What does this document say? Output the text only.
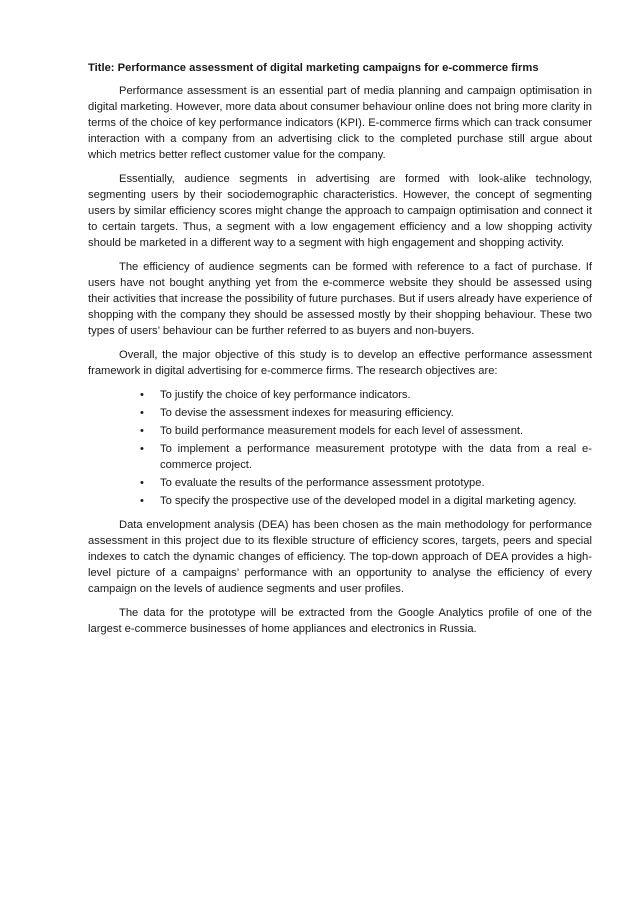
Title: Performance assessment of digital marketing campaigns for e-commerce firms

Performance assessment is an essential part of media planning and campaign optimisation in digital marketing. However, more data about consumer behaviour online does not bring more clarity in terms of the choice of key performance indicators (KPI). E-commerce firms which can track consumer interaction with a company from an advertising click to the completed purchase still argue about which metrics better reflect customer value for the company.

Essentially, audience segments in advertising are formed with look-alike technology, segmenting users by their sociodemographic characteristics. However, the concept of segmenting users by similar efficiency scores might change the approach to campaign optimisation and connect it to certain targets. Thus, a segment with a low engagement efficiency and a low shopping activity should be marketed in a different way to a segment with high engagement and shopping activity.

The efficiency of audience segments can be formed with reference to a fact of purchase. If users have not bought anything yet from the e-commerce website they should be assessed using their activities that increase the possibility of future purchases. But if users already have experience of shopping with the company they should be assessed mostly by their shopping behaviour. These two types of users’ behaviour can be further referred to as buyers and non-buyers.

Overall, the major objective of this study is to develop an effective performance assessment framework in digital advertising for e-commerce firms. The research objectives are:

• To justify the choice of key performance indicators.
• To devise the assessment indexes for measuring efficiency.
• To build performance measurement models for each level of assessment.
• To implement a performance measurement prototype with the data from a real e-commerce project.
• To evaluate the results of the performance assessment prototype.
• To specify the prospective use of the developed model in a digital marketing agency.

Data envelopment analysis (DEA) has been chosen as the main methodology for performance assessment in this project due to its flexible structure of efficiency scores, targets, peers and special indexes to catch the dynamic changes of efficiency. The top-down approach of DEA provides a high-level picture of a campaigns’ performance with an opportunity to analyse the efficiency of every campaign on the levels of audience segments and user profiles.

The data for the prototype will be extracted from the Google Analytics profile of one of the largest e-commerce businesses of home appliances and electronics in Russia.
